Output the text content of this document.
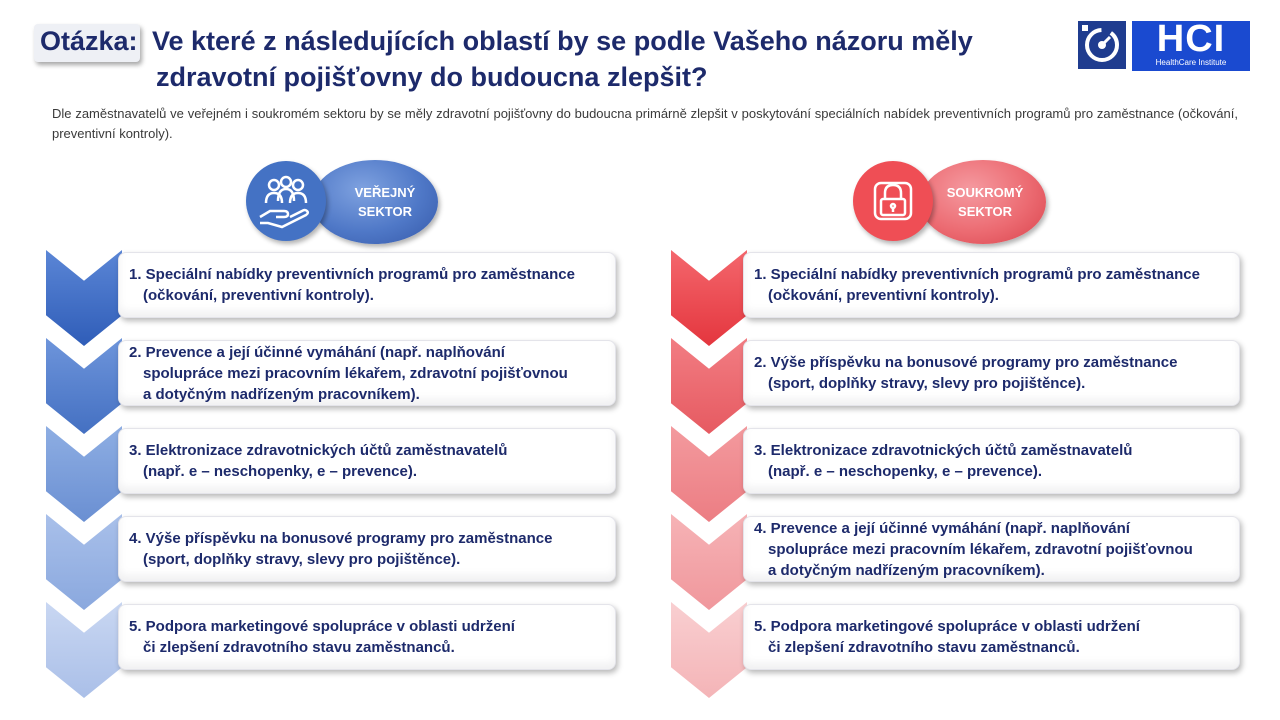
Otázka: Ve které z následujících oblastí by se podle Vašeho názoru měly
zdravotní pojišťovny do budoucna zlepšit?
HCI
HealthCare Institute
Dle zaměstnavatelů ve veřejném i soukromém sektoru by se měly zdravotní pojišťovny do budoucna primárně zlepšit v poskytování speciálních nabídek preventivních programů pro zaměstnance (očkování, preventivní kontroly).
VEŘEJNÝ
SEKTOR
SOUKROMÝ
SEKTOR
1. Speciální nabídky preventivních programů pro zaměstnance
(očkování, preventivní kontroly).
2. Prevence a její účinné vymáhání (např. naplňování
spolupráce mezi pracovním lékařem, zdravotní pojišťovnou
a dotyčným nadřízeným pracovníkem).
3. Elektronizace zdravotnických účtů zaměstnavatelů
(např. e – neschopenky, e – prevence).
4. Výše příspěvku na bonusové programy pro zaměstnance
(sport, doplňky stravy, slevy pro pojištěnce).
5. Podpora marketingové spolupráce v oblasti udržení
či zlepšení zdravotního stavu zaměstnanců.
1. Speciální nabídky preventivních programů pro zaměstnance
(očkování, preventivní kontroly).
2. Výše příspěvku na bonusové programy pro zaměstnance
(sport, doplňky stravy, slevy pro pojištěnce).
3. Elektronizace zdravotnických účtů zaměstnavatelů
(např. e – neschopenky, e – prevence).
4. Prevence a její účinné vymáhání (např. naplňování
spolupráce mezi pracovním lékařem, zdravotní pojišťovnou
a dotyčným nadřízeným pracovníkem).
5. Podpora marketingové spolupráce v oblasti udržení
či zlepšení zdravotního stavu zaměstnanců.
